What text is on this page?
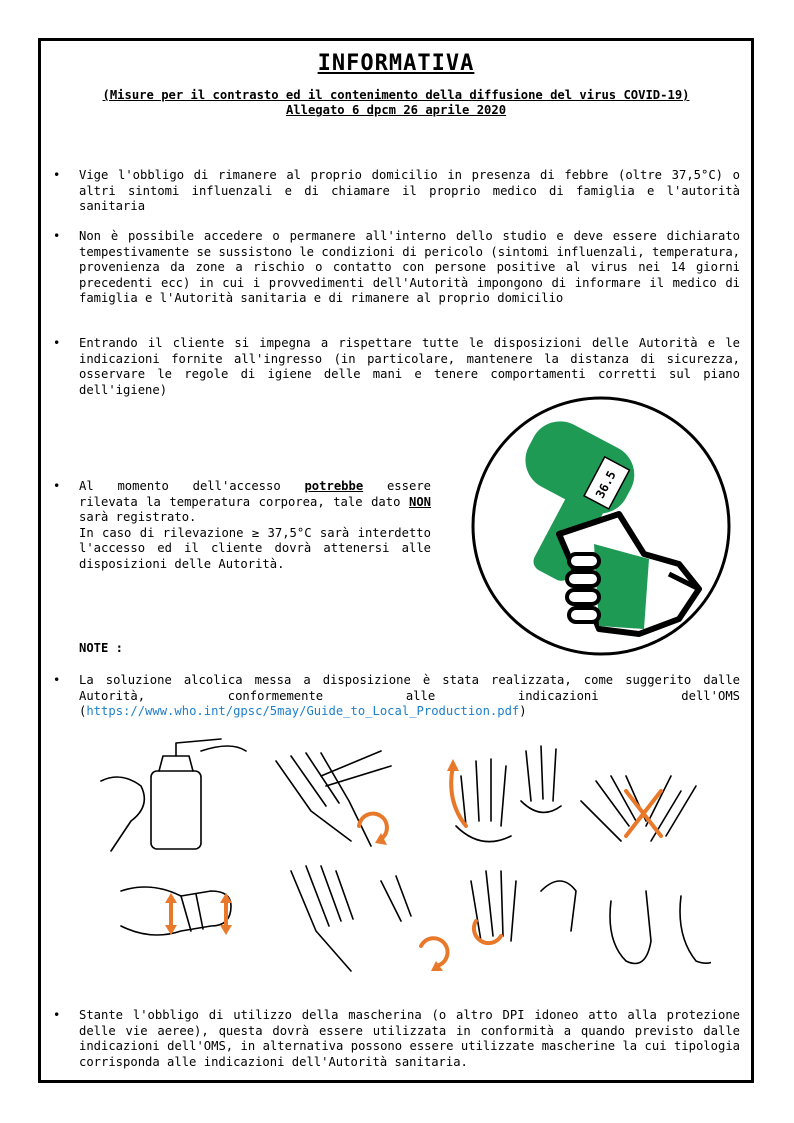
INFORMATIVA
(Misure per il contrasto ed il contenimento della diffusione del virus COVID-19)
Allegato 6 dpcm 26 aprile 2020
• Vige l'obbligo di rimanere al proprio domicilio in presenza di febbre (oltre 37,5°C) o altri sintomi influenzali e di chiamare il proprio medico di famiglia e l'autorità sanitaria
• Non è possibile accedere o permanere all'interno dello studio e deve essere dichiarato tempestivamente se sussistono le condizioni di pericolo (sintomi influenzali, temperatura, provenienza da zone a rischio o contatto con persone positive al virus nei 14 giorni precedenti ecc) in cui i provvedimenti dell'Autorità impongono di informare il medico di famiglia e l'Autorità sanitaria e di rimanere al proprio domicilio
• Entrando il cliente si impegna a rispettare tutte le disposizioni delle Autorità e le indicazioni fornite all'ingresso (in particolare, mantenere la distanza di sicurezza, osservare le regole di igiene delle mani e tenere comportamenti corretti sul piano dell'igiene)
• Al momento dell'accesso potrebbe essere rilevata la temperatura corporea, tale dato NON sarà registrato.
In caso di rilevazione ≥ 37,5°C sarà interdetto l'accesso ed il cliente dovrà attenersi alle disposizioni delle Autorità.
36.5
NOTE :
• La soluzione alcolica messa a disposizione è stata realizzata, come suggerito dalle Autorità, conformemente alle indicazioni dell'OMS (https://www.who.int/gpsc/5may/Guide_to_Local_Production.pdf)
• Stante l'obbligo di utilizzo della mascherina (o altro DPI idoneo atto alla protezione delle vie aeree), questa dovrà essere utilizzata in conformità a quando previsto dalle indicazioni dell'OMS, in alternativa possono essere utilizzate mascherine la cui tipologia corrisponda alle indicazioni dell'Autorità sanitaria.
